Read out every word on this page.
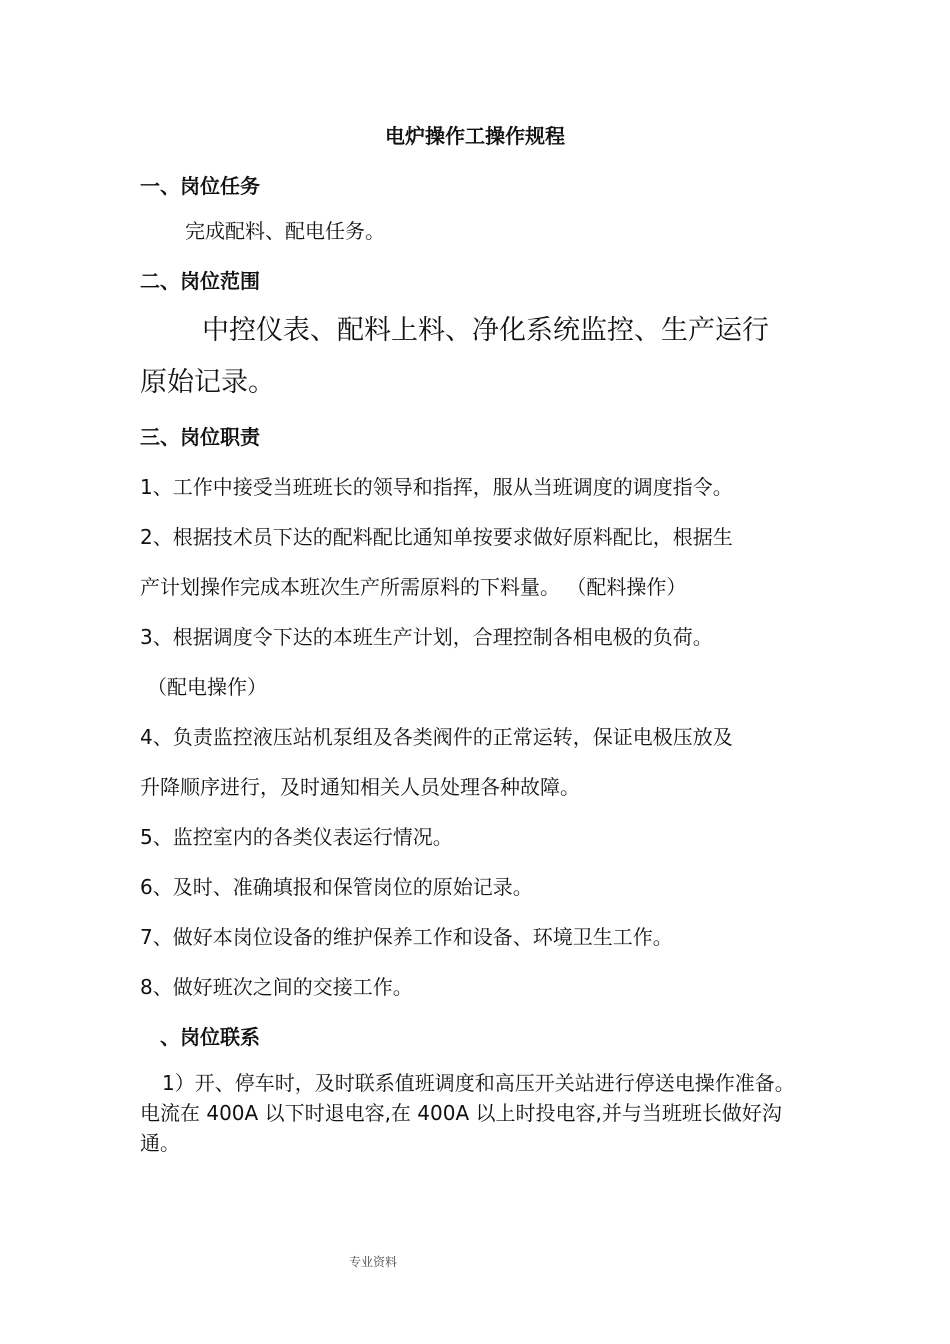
电炉操作工操作规程
一、岗位任务
完成配料、配电任务。
二、岗位范围
中控仪表、配料上料、净化系统监控、生产运行
原始记录。
三、岗位职责
1、工作中接受当班班长的领导和指挥，服从当班调度的调度指令。
2、根据技术员下达的配料配比通知单按要求做好原料配比，根据生
产计划操作完成本班次生产所需原料的下料量。 （配料操作）
3、根据调度令下达的本班生产计划，合理控制各相电极的负荷。
（配电操作）
4、负责监控液压站机泵组及各类阀件的正常运转，保证电极压放及
升降顺序进行，及时通知相关人员处理各种故障。
5、监控室内的各类仪表运行情况。
6、及时、准确填报和保管岗位的原始记录。
7、做好本岗位设备的维护保养工作和设备、环境卫生工作。
8、做好班次之间的交接工作。
、岗位联系
1）开、停车时，及时联系值班调度和高压开关站进行停送电操作准备。电流在 400A 以下时退电容,在 400A 以上时投电容,并与当班班长做好沟通。
专业资料
